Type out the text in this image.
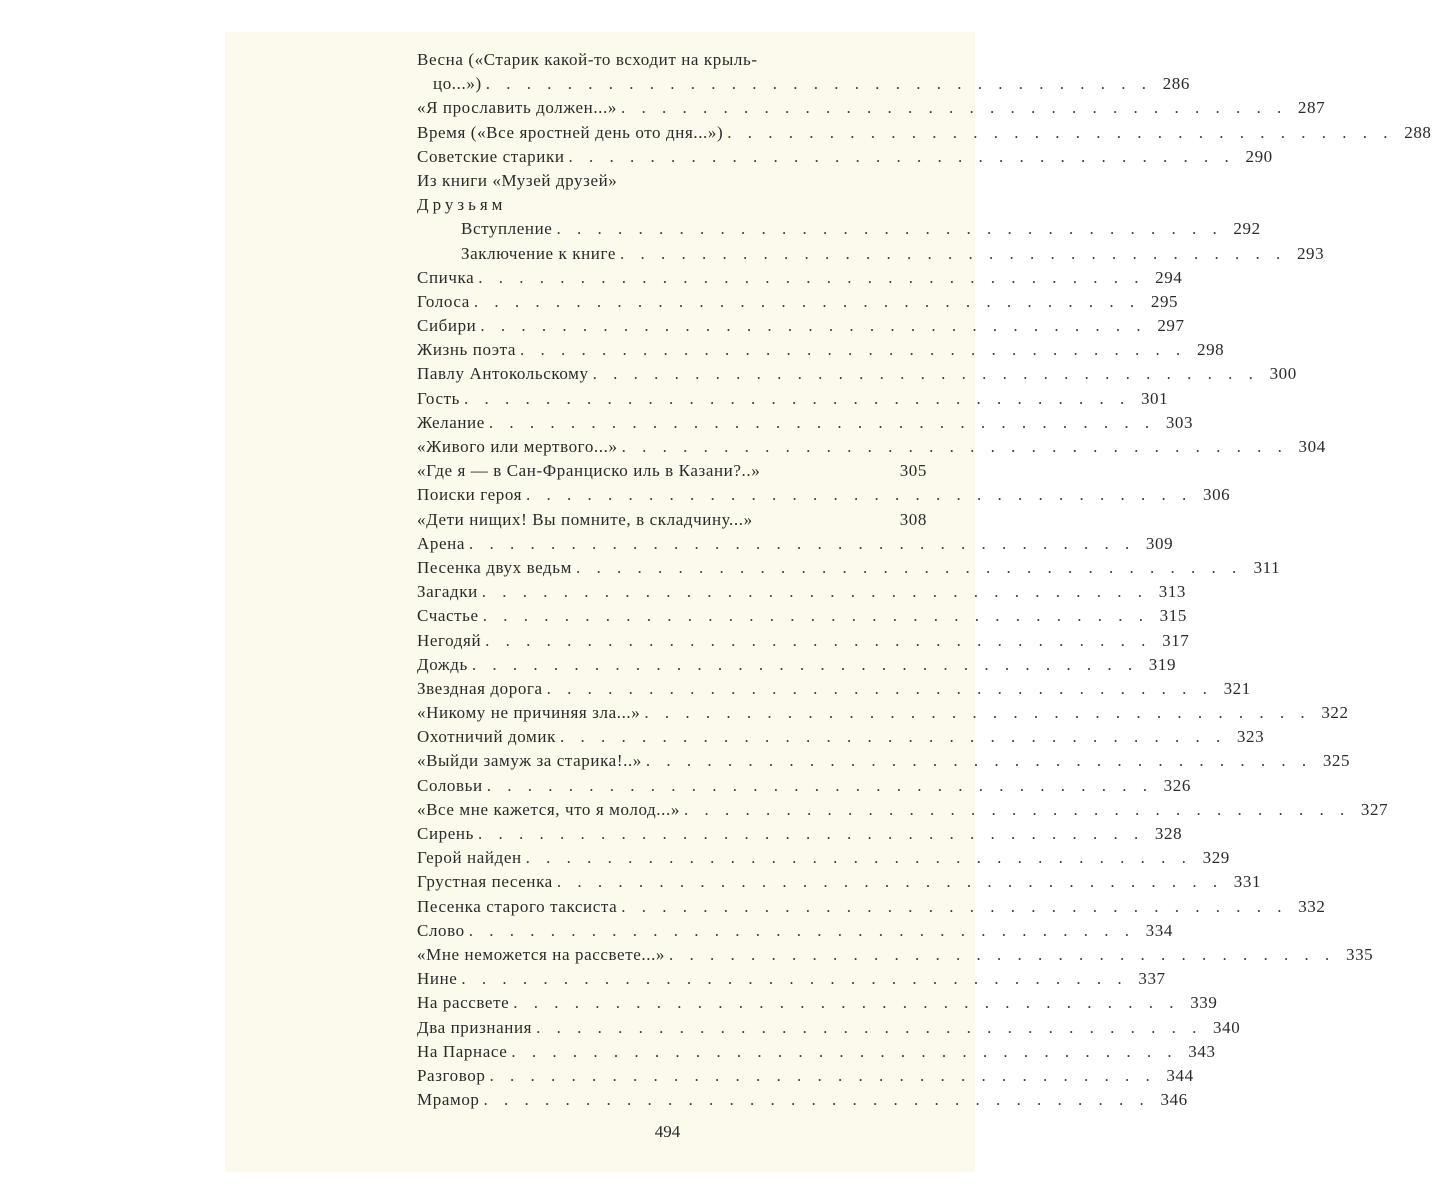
Весна («Старик какой-то всходит на крыль-
цо...») . . . . . . . . . . . . . . . . . . . . . . . . . . . . . . . . . 286
«Я прославить должен...» . . . . . . . . . . . . . . . . . . . . . . . . . . . . . . . . . 287
Время («Все яростней день ото дня...») . . . . . . . . . . . . . . . . . . . . . . . . . . . . . . . . . 288
Советские старики . . . . . . . . . . . . . . . . . . . . . . . . . . . . . . . . . 290
Из книги «Музей друзей»
Друзьям
Вступление . . . . . . . . . . . . . . . . . . . . . . . . . . . . . . . . . 292
Заключение к книге . . . . . . . . . . . . . . . . . . . . . . . . . . . . . . . . . 293
Спичка . . . . . . . . . . . . . . . . . . . . . . . . . . . . . . . . . 294
Голоса . . . . . . . . . . . . . . . . . . . . . . . . . . . . . . . . . 295
Сибири . . . . . . . . . . . . . . . . . . . . . . . . . . . . . . . . . 297
Жизнь поэта . . . . . . . . . . . . . . . . . . . . . . . . . . . . . . . . . 298
Павлу Антокольскому . . . . . . . . . . . . . . . . . . . . . . . . . . . . . . . . . 300
Гость . . . . . . . . . . . . . . . . . . . . . . . . . . . . . . . . . 301
Желание . . . . . . . . . . . . . . . . . . . . . . . . . . . . . . . . . 303
«Живого или мертвого...» . . . . . . . . . . . . . . . . . . . . . . . . . . . . . . . . . 304
«Где я — в Сан-Франциско иль в Казани?..»	305
Поиски героя . . . . . . . . . . . . . . . . . . . . . . . . . . . . . . . . . 306
«Дети нищих! Вы помните, в складчину...»	308
Арена . . . . . . . . . . . . . . . . . . . . . . . . . . . . . . . . . 309
Песенка двух ведьм . . . . . . . . . . . . . . . . . . . . . . . . . . . . . . . . . 311
Загадки . . . . . . . . . . . . . . . . . . . . . . . . . . . . . . . . . 313
Счастье . . . . . . . . . . . . . . . . . . . . . . . . . . . . . . . . . 315
Негодяй . . . . . . . . . . . . . . . . . . . . . . . . . . . . . . . . . 317
Дождь . . . . . . . . . . . . . . . . . . . . . . . . . . . . . . . . . 319
Звездная дорога . . . . . . . . . . . . . . . . . . . . . . . . . . . . . . . . . 321
«Никому не причиняя зла...» . . . . . . . . . . . . . . . . . . . . . . . . . . . . . . . . . 322
Охотничий домик . . . . . . . . . . . . . . . . . . . . . . . . . . . . . . . . . 323
«Выйди замуж за старика!..» . . . . . . . . . . . . . . . . . . . . . . . . . . . . . . . . . 325
Соловьи . . . . . . . . . . . . . . . . . . . . . . . . . . . . . . . . . 326
«Все мне кажется, что я молод...» . . . . . . . . . . . . . . . . . . . . . . . . . . . . . . . . . 327
Сирень . . . . . . . . . . . . . . . . . . . . . . . . . . . . . . . . . 328
Герой найден . . . . . . . . . . . . . . . . . . . . . . . . . . . . . . . . . 329
Грустная песенка . . . . . . . . . . . . . . . . . . . . . . . . . . . . . . . . . 331
Песенка старого таксиста . . . . . . . . . . . . . . . . . . . . . . . . . . . . . . . . . 332
Слово . . . . . . . . . . . . . . . . . . . . . . . . . . . . . . . . . 334
«Мне неможется на рассвете...» . . . . . . . . . . . . . . . . . . . . . . . . . . . . . . . . . 335
Нине . . . . . . . . . . . . . . . . . . . . . . . . . . . . . . . . . 337
На рассвете . . . . . . . . . . . . . . . . . . . . . . . . . . . . . . . . . 339
Два признания . . . . . . . . . . . . . . . . . . . . . . . . . . . . . . . . . 340
На Парнасе . . . . . . . . . . . . . . . . . . . . . . . . . . . . . . . . . 343
Разговор . . . . . . . . . . . . . . . . . . . . . . . . . . . . . . . . . 344
Мрамор . . . . . . . . . . . . . . . . . . . . . . . . . . . . . . . . . 346
494
